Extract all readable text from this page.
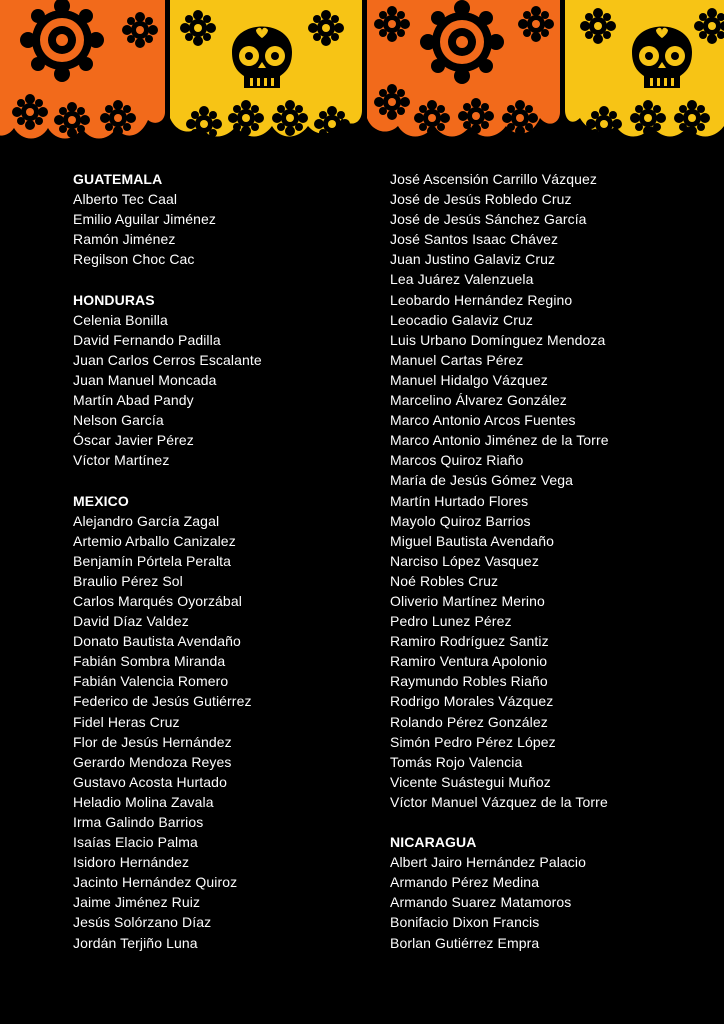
GUATEMALA
Alberto Tec Caal
Emilio Aguilar Jiménez
Ramón Jiménez
Regilson Choc Cac
HONDURAS
Celenia Bonilla
David Fernando Padilla
Juan Carlos Cerros Escalante
Juan Manuel Moncada
Martín Abad Pandy
Nelson García
Óscar Javier Pérez
Víctor Martínez
MEXICO
Alejandro García Zagal
Artemio Arballo Canizalez
Benjamín Pórtela Peralta
Braulio Pérez Sol
Carlos Marqués Oyorzábal
David Díaz Valdez
Donato Bautista Avendaño
Fabián Sombra Miranda
Fabián Valencia Romero
Federico de Jesús Gutiérrez
Fidel Heras Cruz
Flor de Jesús Hernández
Gerardo Mendoza Reyes
Gustavo Acosta Hurtado
Heladio Molina Zavala
Irma Galindo Barrios
Isaías Elacio Palma
Isidoro Hernández
Jacinto Hernández Quiroz
Jaime Jiménez Ruiz
Jesús Solórzano Díaz
Jordán Terjiño Luna
José Ascensión Carrillo Vázquez
José de Jesús Robledo Cruz
José de Jesús Sánchez García
José Santos Isaac Chávez
Juan Justino Galaviz Cruz
Lea Juárez Valenzuela
Leobardo Hernández Regino
Leocadio Galaviz Cruz
Luis Urbano Domínguez Mendoza
Manuel Cartas Pérez
Manuel Hidalgo Vázquez
Marcelino Álvarez González
Marco Antonio Arcos Fuentes
Marco Antonio Jiménez de la Torre
Marcos Quiroz Riaño
María de Jesús Gómez Vega
Martín Hurtado Flores
Mayolo Quiroz Barrios
Miguel Bautista Avendaño
Narciso López Vasquez
Noé Robles Cruz
Oliverio Martínez Merino
Pedro Lunez Pérez
Ramiro Rodríguez Santiz
Ramiro Ventura Apolonio
Raymundo Robles Riaño
Rodrigo Morales Vázquez
Rolando Pérez González
Simón Pedro Pérez López
Tomás Rojo Valencia
Vicente Suástegui Muñoz
Víctor Manuel Vázquez de la Torre
NICARAGUA
Albert Jairo Hernández Palacio
Armando Pérez Medina
Armando Suarez Matamoros
Bonifacio Dixon Francis
Borlan Gutiérrez Empra
